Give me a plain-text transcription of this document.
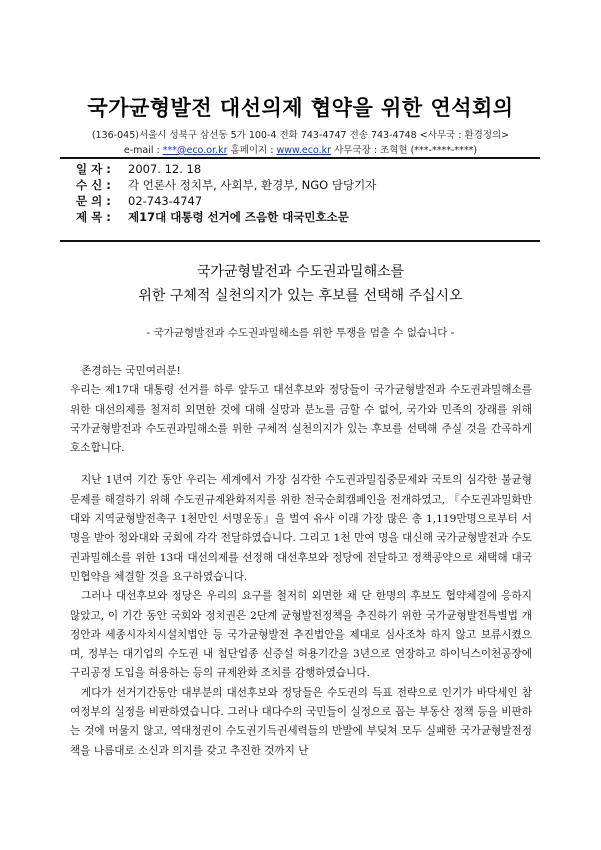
국가균형발전 대선의제 협약을 위한 연석회의
(136-045)서울시 성북구 삼선동 5가 100-4 전화 743-4747 전송 743-4748 <사무국 : 환경정의>
e-mail : ***@eco.or.kr 홈페이지 : www.eco.kr 사무국장 : 조혁현 (***-****-****)
일 자 : 2007. 12. 18
수 신 : 각 언론사 정치부, 사회부, 환경부, NGO 담당기자
문 의 : 02-743-4747
제 목 : 제17대 대통령 선거에 즈음한 대국민호소문
국가균형발전과 수도권과밀해소를
위한 구체적 실천의지가 있는 후보를 선택해 주십시오
- 국가균형발전과 수도권과밀해소를 위한 투쟁을 멈출 수 없습니다 -

존경하는 국민여러분!

우리는 제17대 대통령 선거를 하루 앞두고 대선후보와 정당들이 국가균형발전과 수도권과밀해소를 위한 대선의제를 철저히 외면한 것에 대해 실망과 분노를 금할 수 없어, 국가와 민족의 장래를 위해 국가균형발전과 수도권과밀해소를 위한 구체적 실천의지가 있는 후보를 선택해 주실 것을 간곡하게 호소합니다.

지난 1년여 기간 동안 우리는 세계에서 가장 심각한 수도권과밀집중문제와 국토의 심각한 불균형 문제를 해결하기 위해 수도권규제완화저지를 위한 전국순회캠페인을 전개하였고, 『수도권과밀화반대와 지역균형발전촉구 1천만인 서명운동』을 벌여 유사 이래 가장 많은 총 1,119만명으로부터 서명을 받아 청와대와 국회에 각각 전달하였습니다. 그리고 1천 만여 명을 대신해 국가균형발전과 수도권과밀해소를 위한 13대 대선의제를 선정해 대선후보와 정당에 전달하고 정책공약으로 채택해 대국민협약을 체결할 것을 요구하였습니다.

그러나 대선후보와 정당은 우리의 요구를 철저히 외면한 채 단 한명의 후보도 협약체결에 응하지 않았고, 이 기간 동안 국회와 정치권은 2단계 균형발전정책을 추진하기 위한 국가균형발전특별법 개정안과 세종시자치시설치법안 등 국가균형발전 추진법안을 제대로 심사조차 하지 않고 보류시켰으며, 정부는 대기업의 수도권 내 첨단업종 신증설 허용기간을 3년으로 연장하고 하이닉스이천공장에 구리공정 도입을 허용하는 등의 규제완화 조치를 감행하였습니다.

게다가 선거기간동안 대부분의 대선후보와 정당들은 수도권의 득표 전략으로 인기가 바닥세인 참여정부의 실정을 비판하였습니다. 그러나 대다수의 국민들이 실정으로 꼽는 부동산 정책 등을 비판하는 것에 머물지 않고, 역대정권이 수도권기득권세력들의 반발에 부딪쳐 모두 실패한 국가균형발전정책을 나름대로 소신과 의지를 갖고 추진한 것까지 난
